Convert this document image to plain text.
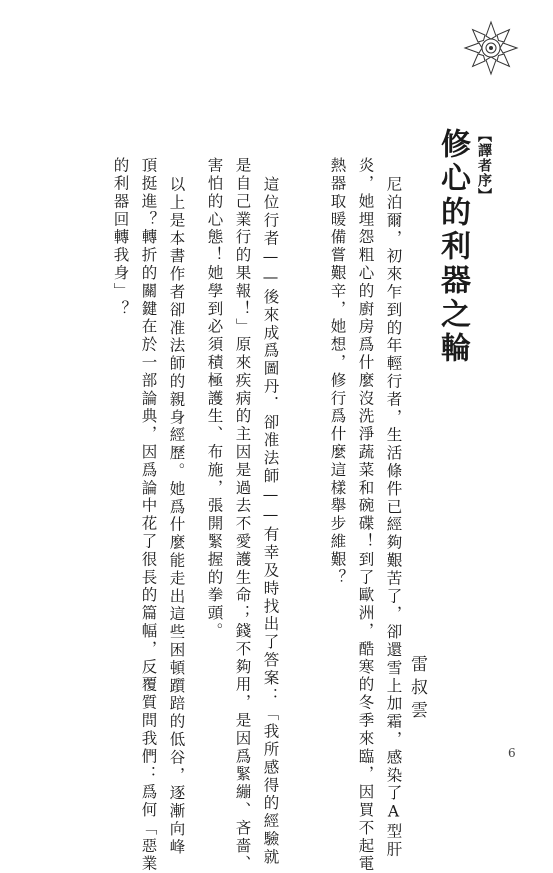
【譯者序】
修心的利器之輪
尼泊爾，初來乍到的年輕行者，生活條件已經夠艱苦了，卻還雪上加霜，感染了A型肝
炎，她埋怨粗心的廚房爲什麼沒洗淨蔬菜和碗碟！到了歐洲，酷寒的冬季來臨，因買不起電
熱器取暖備嘗艱辛，她想，修行爲什麼這樣舉步維艱？
這位行者——後來成爲圖丹．卻准法師——有幸及時找出了答案：「我所感得的經驗就
是自己業行的果報！」原來疾病的主因是過去不愛護生命；錢不夠用，是因爲緊繃、吝嗇、
害怕的心態！她學到必須積極護生、布施，張開緊握的拳頭。
以上是本書作者卻准法師的親身經歷。她爲什麼能走出這些困頓躓踣的低谷，逐漸向峰
頂挺進？轉折的關鍵在於一部論典，因爲論中花了很長的篇幅，反覆質問我們：爲何「惡業
的利器回轉我身」？
雷叔雲
6
